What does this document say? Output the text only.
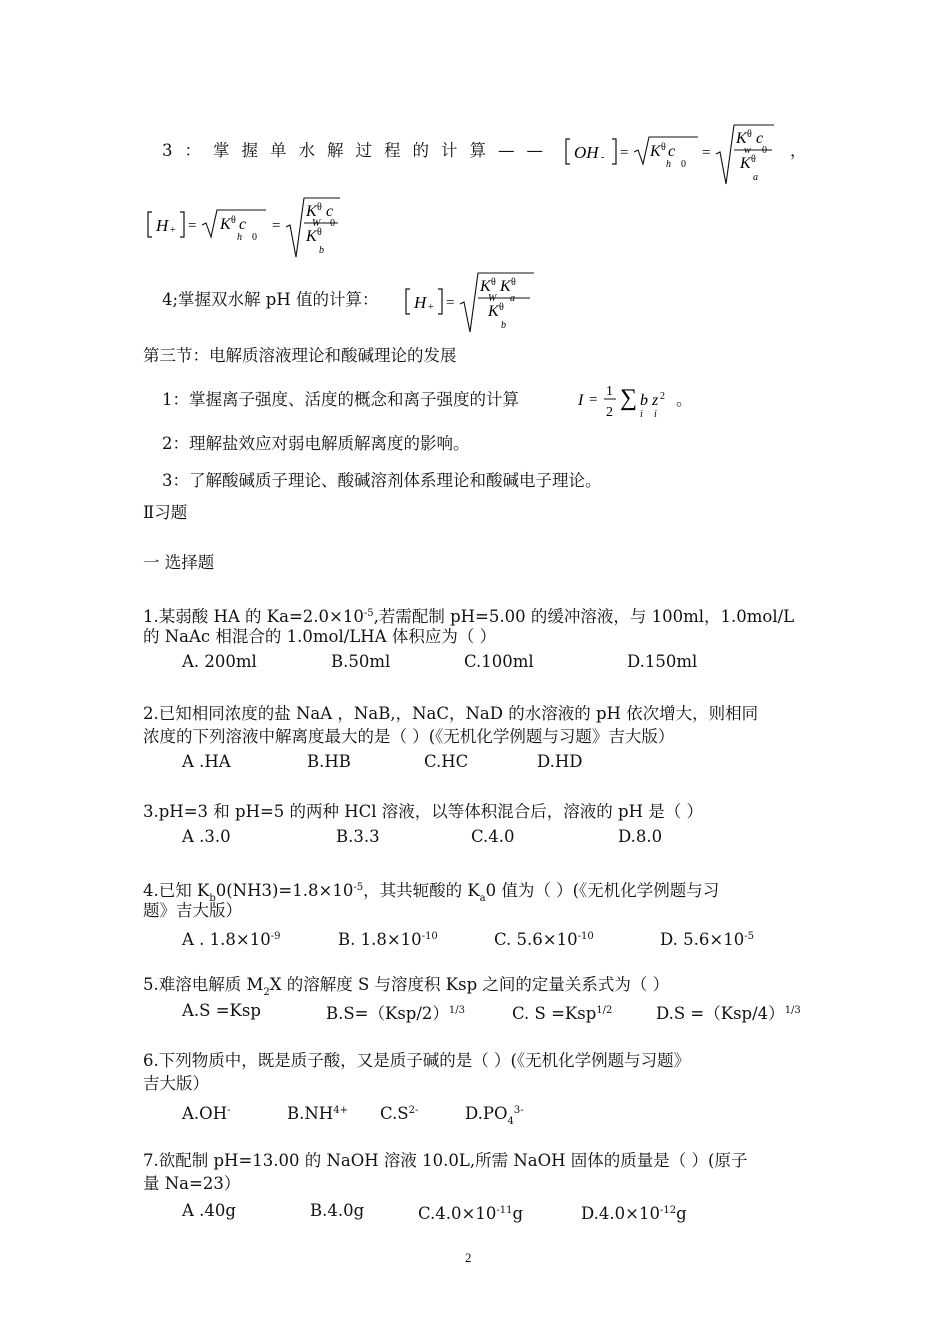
3：掌握单水解过程的计算—— OH - = K θ c
h 0
=
K θ c
w 0
K θ
a
，
H + = K θ c
h 0
=
K θ c
W 0
K θ
b
4;掌握双水解 pH 值的计算： H + =
K θ K θ
W a
K θ
b
第三节：电解质溶液理论和酸碱理论的发展
1：掌握离子强度、活度的概念和离子强度的计算	I =
1
2
∑ b
i
z 2
i
。
2：理解盐效应对弱电解质解离度的影响。
3：了解酸碱质子理论、酸碱溶剂体系理论和酸碱电子理论。
Ⅱ习题
一 选择题
1.某弱酸 HA 的 $Ka=2.0\times 10^{-5}$,若需配制 pH=5.00 的缓冲溶液，与 100ml，1.0mol/L
的 NaAc 相混合的 1.0mol/LHA 体积应为（ ）
A. 200ml	B.50ml	C.100ml	D.150ml
2.已知相同浓度的盐 NaA ，NaB,，NaC，NaD 的水溶液的 pH 依次增大，则相同
浓度的下列溶液中解离度最大的是（ ）(《无机化学例题与习题》吉大版）
A .HA	B.HB	C.HC	D.HD
3.pH=3 和 pH=5 的两种 HCl 溶液，以等体积混合后，溶液的 pH 是（ ）
A .3.0	B.3.3	C.4.0	D.8.0
4.已知 $K_b0(NH3)=1.8\times 10^{-5}$，其共轭酸的 $K_a0$ 值为（ ）(《无机化学例题与习
题》吉大版）
A . $1.8\times 10^{-9}$	B. $1.8\times 10^{-10}$	C. $5.6\times 10^{-10}$	D. $5.6\times 10^{-5}$
5.难溶电解质 $M_2X$ 的溶解度 S 与溶度积 Ksp 之间的定量关系式为（ ）
A.S =Ksp	$B.S=(Ksp/2)^{1/3}$	C. S =Ksp$^{1/2}$	$D.S =(Ksp/4)^{1/3}$
6.下列物质中，既是质子酸，又是质子碱的是（ ）(《无机化学例题与习题》
吉大版）
A.OH-	$B.NH^{4+}$ $C.S^{2-}$	$D.PO_4^{3-}$
7.欲配制 pH=13.00 的 NaOH 溶液 10.0L,所需 NaOH 固体的质量是（ ）(原子
量 Na=23）
A .40g	B.4.0g	$C.4.0\times 10^{-11}g$	$D.4.0\times 10^{-12}g$
2
